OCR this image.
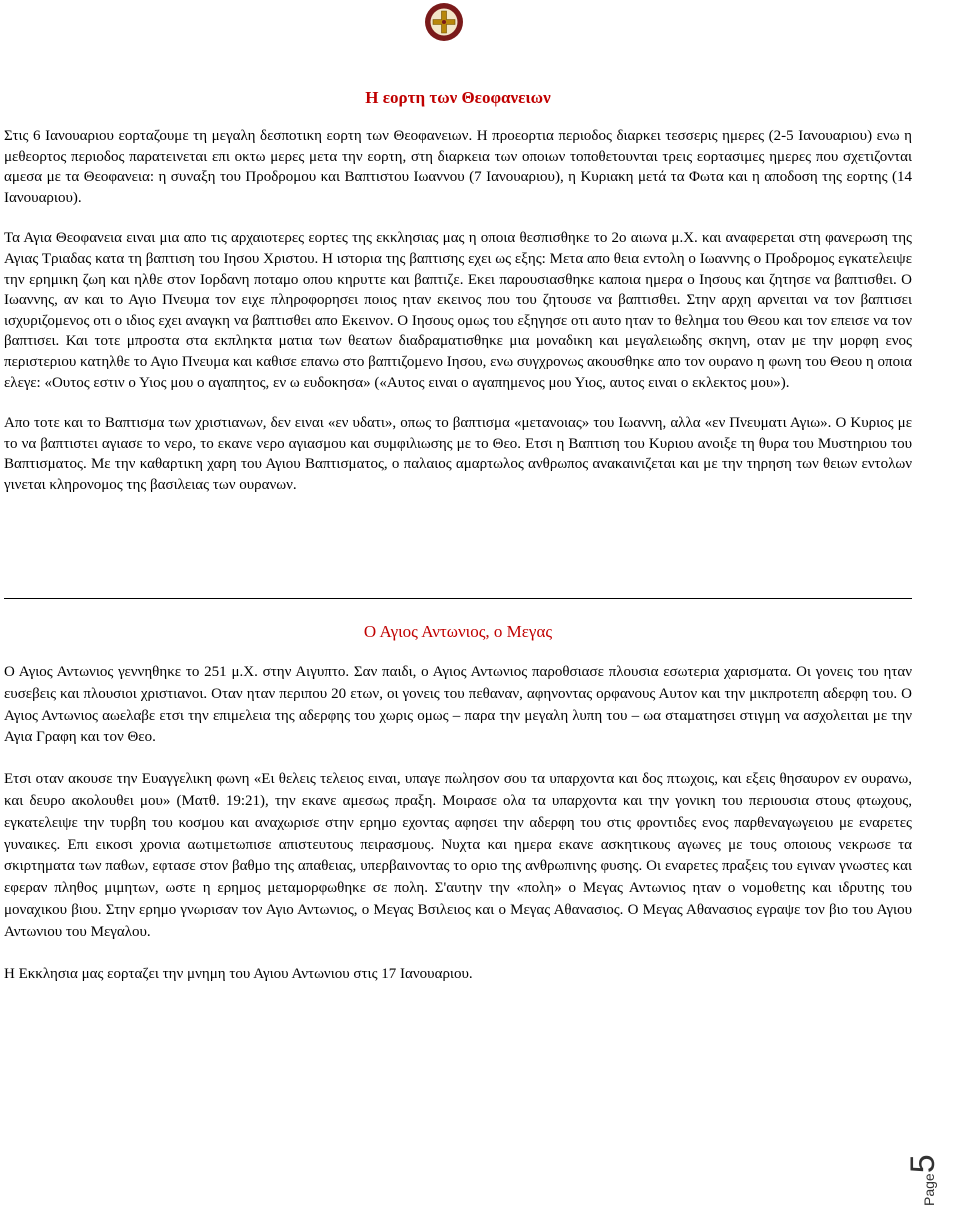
Η εορτη των Θεοφανειων

Στις 6 Ιανουαριου εορταζουμε τη μεγαλη δεσποτικη εορτη των Θεοφανειων. Η προεορτια περιοδος διαρκει τεσσερις ημερες (2-5 Ιανουαριου) ενω η μεθεορτος περιοδος παρατεινεται επι οκτω μερες μετα την εορτη, στη διαρκεια των οποιων τοποθετουνται τρεις εορτασιμες ημερες που σχετιζονται αμεσα με τα Θεοφανεια: η συναξη του Προδρομου και Βαπτιστου Ιωαννου (7 Ιανουαριου), η Κυριακη μετά τα Φωτα και η αποδοση της εορτης (14 Ιανουαριου).

Τα Αγια Θεοφανεια ειναι μια απο τις αρχαιοτερες εορτες της εκκλησιας μας η οποια θεσπισθηκε το 2ο αιωνα μ.Χ. και αναφερεται στη φανερωση της Αγιας Τριαδας κατα τη βαπτιση του Ιησου Χριστου. Η ιστορια της βαπτισης εχει ως εξης: Μετα απο θεια εντολη ο Ιωαννης ο Προδρομος εγκατελειψε την ερημικη ζωη και ηλθε στον Ιορδανη ποταμο οπου κηρυττε και βαπτιζε. Εκει παρουσιασθηκε καποια ημερα ο Ιησους και ζητησε να βαπτισθει. Ο Ιωαννης, αν και το Αγιο Πνευμα τον ειχε πληροφορησει ποιος ηταν εκεινος που του ζητουσε να βαπτισθει. Στην αρχη αρνειται να τον βαπτισει ισχυριζομενος οτι ο ιδιος εχει αναγκη να βαπτισθει απο Εκεινον. Ο Ιησους ομως του εξηγησε οτι αυτο ηταν το θελημα του Θεου και τον επεισε να τον βαπτισει. Και τοτε μπροστα στα εκπληκτα ματια των θεατων διαδραματισθηκε μια μοναδικη και μεγαλειωδης σκηνη, οταν με την μορφη ενος περιστεριου κατηλθε το Αγιο Πνευμα και καθισε επανω στο βαπτιζομενο Ιησου, ενω συγχρονως ακουσθηκε απο τον ουρανο η φωνη του Θεου η οποια ελεγε: «Ουτος εστιν ο Υιος μου ο αγαπητος, εν ω ευδοκησα» («Αυτος ειναι ο αγαπημενος μου Υιος, αυτος ειναι ο εκλεκτος μου»).

Απο τοτε και το Βαπτισμα των χριστιανων, δεν ειναι «εν υδατι», οπως το βαπτισμα «μετανοιας» του Ιωαννη, αλλα «εν Πνευματι Αγιω». Ο Κυριος με το να βαπτιστει αγιασε το νερο, το εκανε νερο αγιασμου και συμφιλιωσης με το Θεο. Ετσι η Βαπτιση του Κυριου ανοιξε τη θυρα του Μυστηριου του Βαπτισματος. Με την καθαρτικη χαρη του Αγιου Βαπτισματος, ο παλαιος αμαρτωλος ανθρωπος ανακαινιζεται και με την τηρηση των θειων εντολων γινεται κληρονομος της βασιλειας των ουρανων.

Ο Αγιος Αντωνιος, ο Μεγας

Ο Αγιος Αντωνιος γεννηθηκε το 251 μ.Χ. στην Αιγυπτο. Σαν παιδι, ο Αγιος Αντωνιος παροθσιασε πλουσια εσωτερια χαρισματα. Οι γονεις του ηταν ευσεβεις και πλουσιοι χριστιανοι. Οταν ηταν περιπου 20 ετων, οι γονεις του πεθαναν, αφηνοντας ορφανους Αυτον και την μικπροτεπη αδερφη του. Ο Αγιος Αντωνιος αωελαβε ετσι την επιμελεια της αδερφης του χωρις ομως – παρα την μεγαλη λυπη του – ωα σταματησει στιγμη να ασχολειται με την Αγια Γραφη και τον Θεο.

Ετσι οταν ακουσε την Ευαγγελικη φωνη «Ει θελεις τελειος ειναι, υπαγε πωλησον σου τα υπαρχοντα και δος πτωχοις, και εξεις θησαυρον εν ουρανω, και δευρο ακολουθει μου» (Ματθ. 19:21), την εκανε αμεσως πραξη. Μοιρασε ολα τα υπαρχοντα και την γονικη του περιουσια στους φτωχους, εγκατελειψε την τυρβη του κοσμου και αναχωρισε στην ερημο εχοντας αφησει την αδερφη του στις φροντιδες ενος παρθεναγωγειου με εναρετες γυναικες. Επι εικοσι χρονια αωτιμετωπισε απιστευτους πειρασμους. Νυχτα και ημερα εκανε ασκητικους αγωνες με τους οποιους νεκρωσε τα σκιρτηματα των παθων, εφτασε στον βαθμο της απαθειας, υπερβαινοντας το οριο της ανθρωπινης φυσης. Οι εναρετες πραξεις του εγιναν γνωστες και εφεραν πληθος μιμητων, ωστε η ερημος μεταμορφωθηκε σε πολη. Σ'αυτην την «πολη» ο Μεγας Αντωνιος ηταν ο νομοθετης και ιδρυτης του μοναχικου βιου. Στην ερημο γνωρισαν τον Αγιο Αντωνιος, ο Μεγας Βσιλειος και ο Μεγας Αθανασιος. Ο Μεγας Αθανασιος εγραψε τον βιο του Αγιου Αντωνιου του Μεγαλου.

Η Εκκλησια μας εορταζει την μνημη του Αγιου Αντωνιου στις 17 Ιανουαριου.

Page5
